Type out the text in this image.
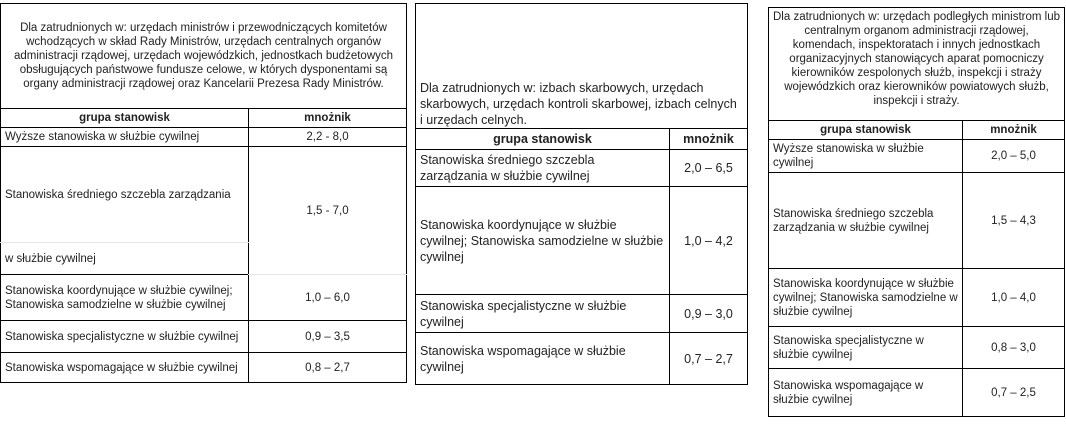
Dla zatrudnionych w: urzędach ministrów i przewodniczących komitetów wchodzących w skład Rady Ministrów, urzędach centralnych organów administracji rządowej, urzędach wojewódzkich, jednostkach budżetowych obsługujących państwowe fundusze celowe, w których dysponentami są organy administracji rządowej oraz Kancelarii Prezesa Rady Ministrów.	
grupa stanowisk	mnożnik
Wyższe stanowiska w służbie cywilnej	2,2 - 8,0
Stanowiska średniego szczebla zarządzania	1,5 - 7,0
w służbie cywilnej	
Stanowiska koordynujące w służbie cywilnej; Stanowiska samodzielne w służbie cywilnej	1,0 – 6,0
Stanowiska specjalistyczne w służbie cywilnej	0,9 – 3,5
Stanowiska wspomagające w służbie cywilnej	0,8 – 2,7
Dla zatrudnionych w: izbach skarbowych, urzędach skarbowych, urzędach kontroli skarbowej, izbach celnych i urzędach celnych.	
grupa stanowisk	mnożnik
Stanowiska średniego szczebla zarządzania w służbie cywilnej	2,0 – 6,5
Stanowiska koordynujące w służbie cywilnej; Stanowiska samodzielne w służbie cywilnej	1,0 – 4,2
Stanowiska specjalistyczne w służbie cywilnej	0,9 – 3,0
Stanowiska wspomagające w służbie cywilnej	0,7 – 2,7
Dla zatrudnionych w: urzędach podległych ministrom lub centralnym organom administracji rządowej, komendach, inspektoratach i innych jednostkach organizacyjnych stanowiących aparat pomocniczy kierowników zespolonych służb, inspekcji i straży wojewódzkich oraz kierowników powiatowych służb, inspekcji i straży.	
grupa stanowisk	mnożnik
Wyższe stanowiska w służbie cywilnej	2,0 – 5,0
Stanowiska średniego szczebla zarządzania w służbie cywilnej	1,5 – 4,3
Stanowiska koordynujące w służbie cywilnej; Stanowiska samodzielne w służbie cywilnej	1,0 – 4,0
Stanowiska specjalistyczne w służbie cywilnej	0,8 – 3,0
Stanowiska wspomagające w służbie cywilnej	0,7 – 2,5
